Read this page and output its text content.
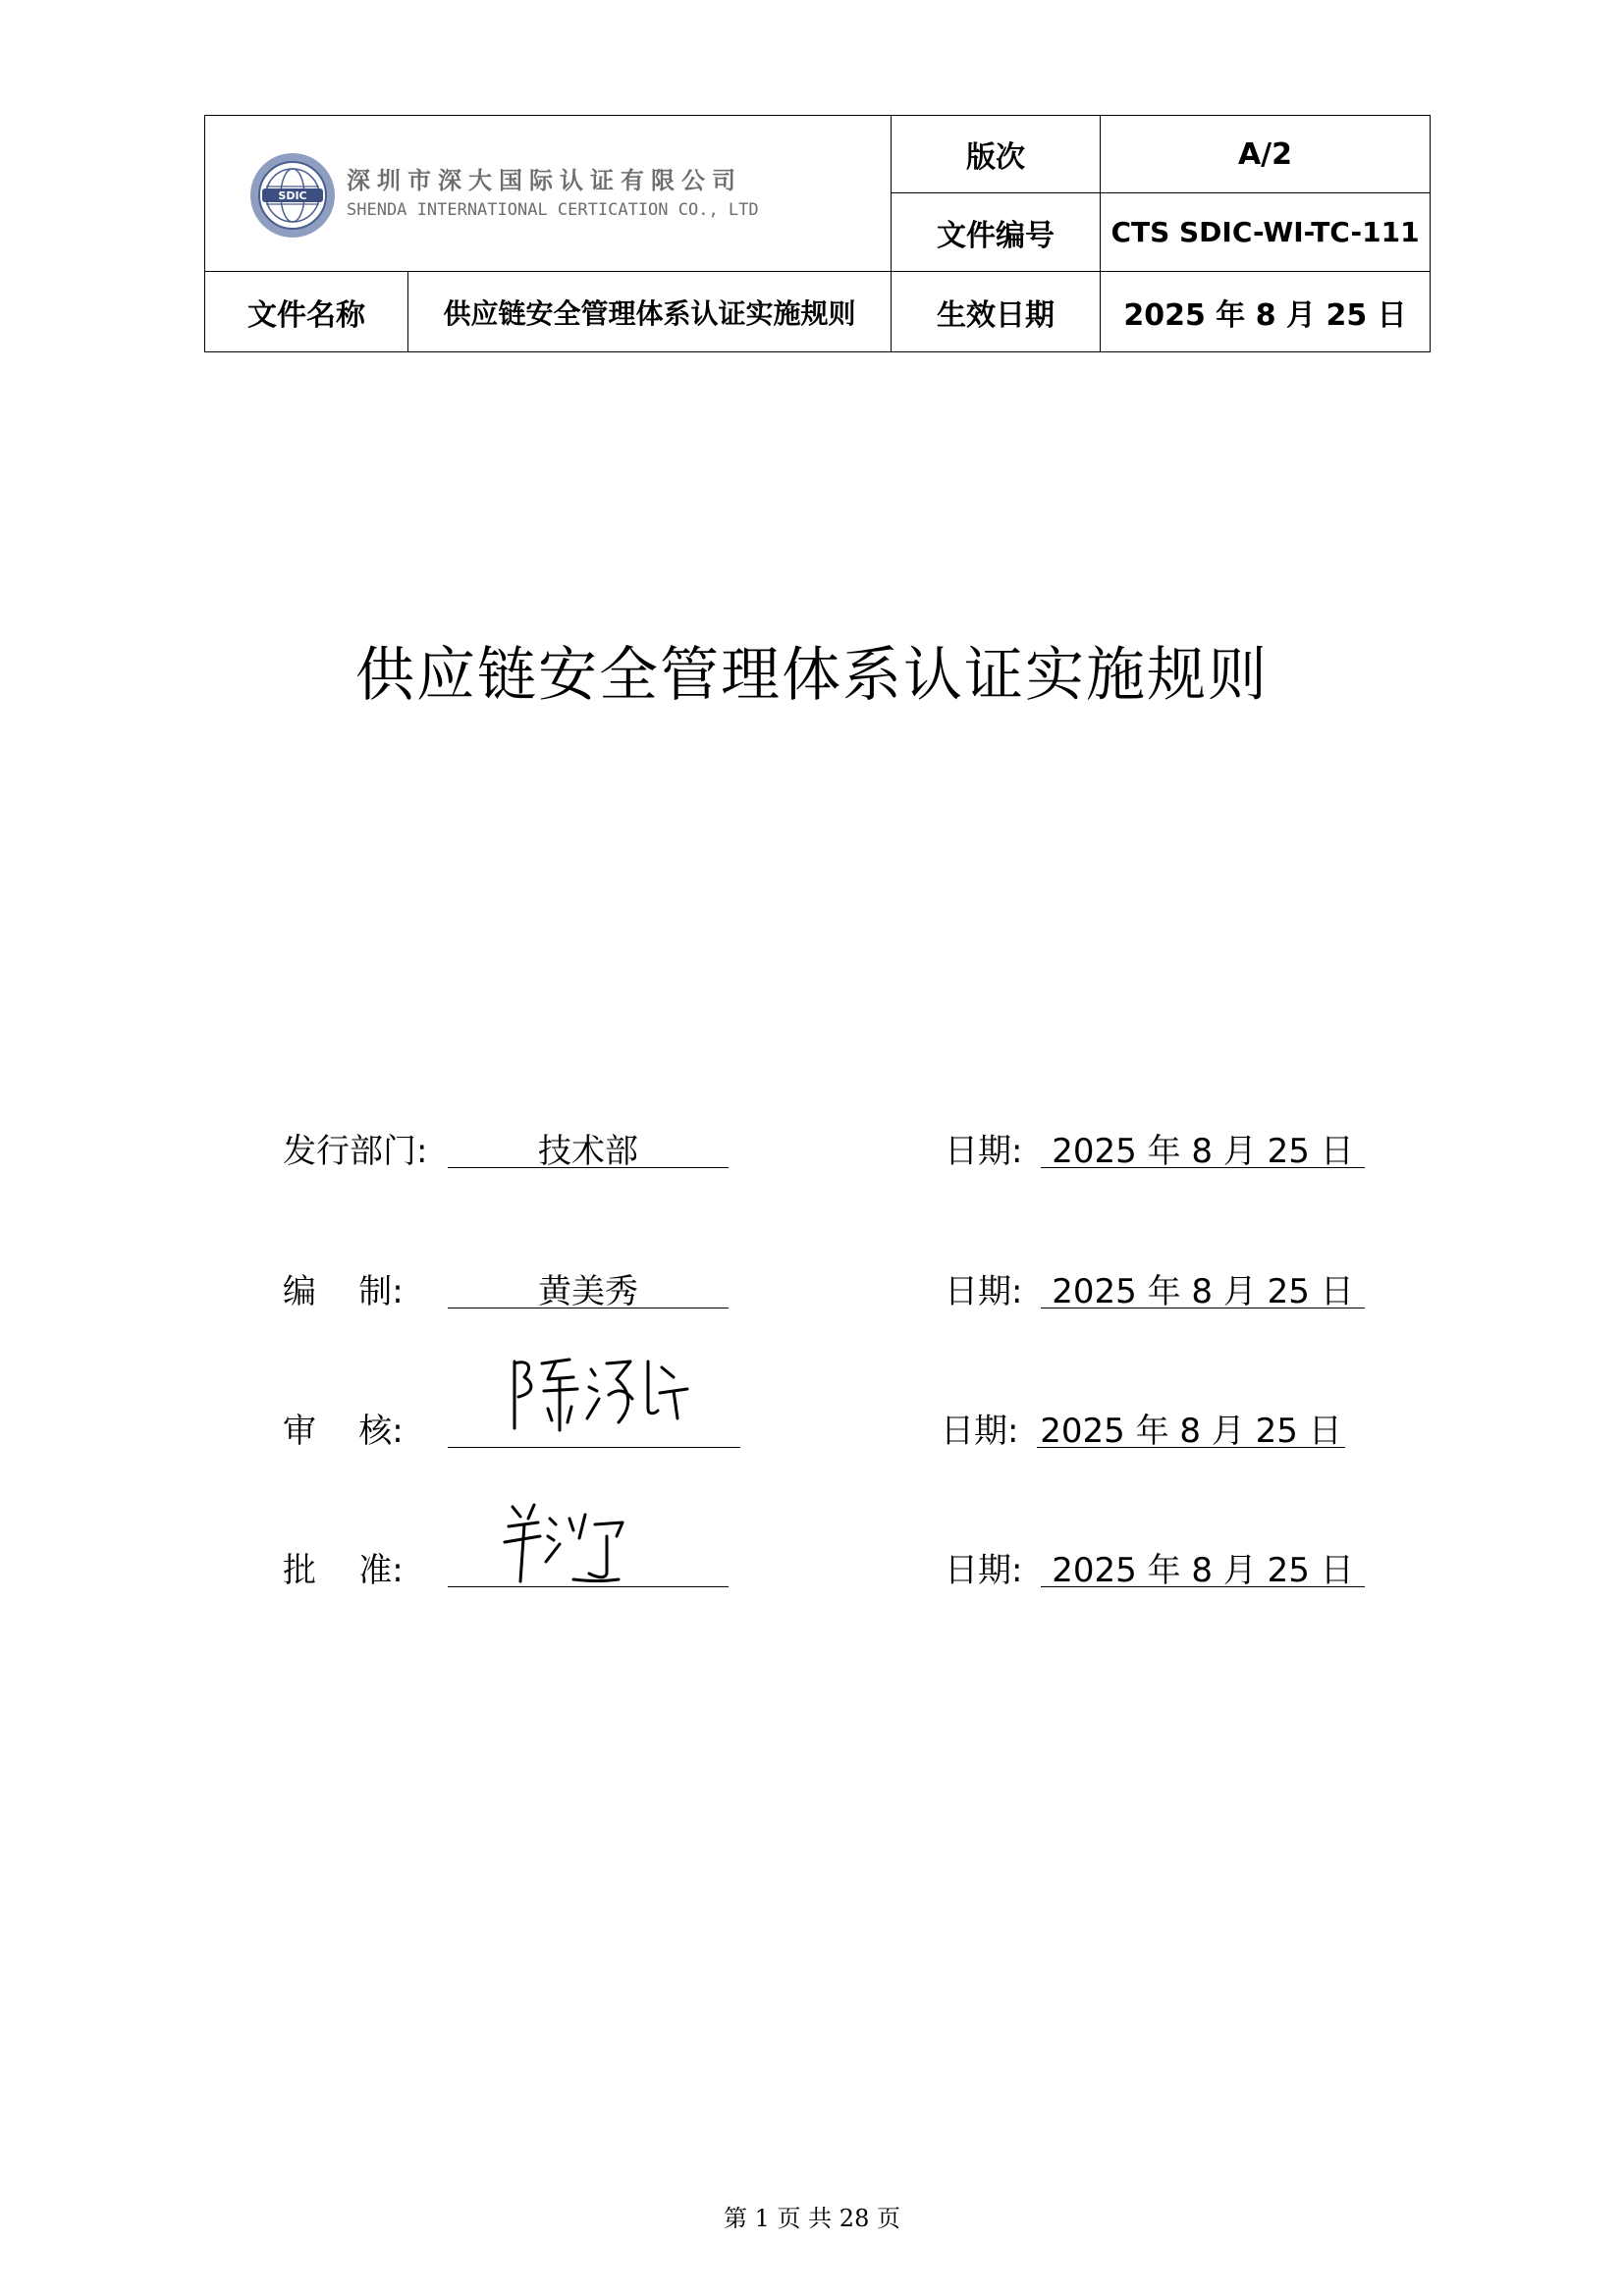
SDIC
深圳市深大国际认证有限公司
SHENDA INTERNATIONAL CERTICATION CO., LTD		版次	A/2
		文件编号	CTS SDIC-WI-TC-111
文件名称	供应链安全管理体系认证实施规则	生效日期	2025 年 8 月 25 日
供应链安全管理体系认证实施规则
发行部门:	技术部	日期: 2025 年 8 月 25 日
编    制:	黄美秀	日期: 2025 年 8 月 25 日
审    核:	日期: 2025 年 8 月 25 日
批    准:	日期: 2025 年 8 月 25 日
第 1 页 共 28 页
